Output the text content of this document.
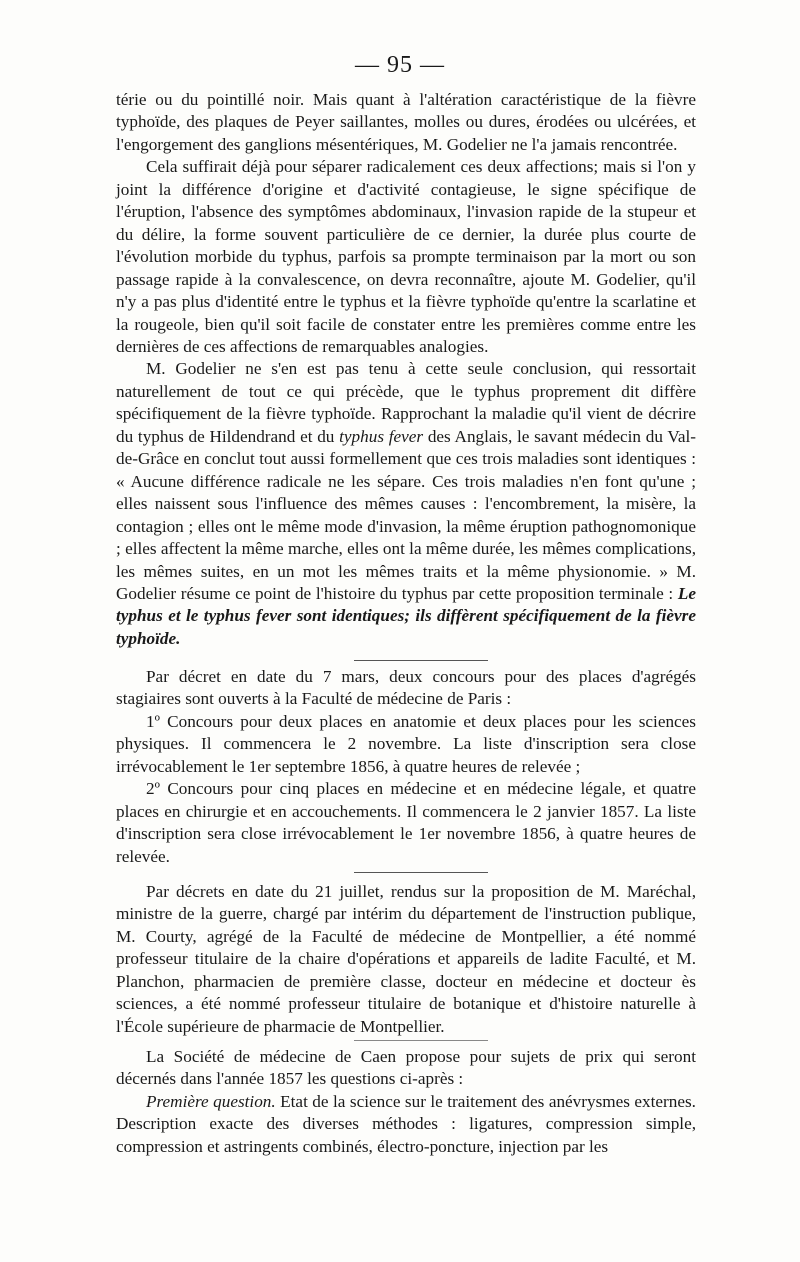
— 95 —

térie ou du pointillé noir. Mais quant à l'altération caractéristique de la fièvre typhoïde, des plaques de Peyer saillantes, molles ou dures, érodées ou ulcérées, et l'engorgement des ganglions mésentériques, M. Godelier ne l'a jamais rencontrée.

Cela suffirait déjà pour séparer radicalement ces deux affections; mais si l'on y joint la différence d'origine et d'activité contagieuse, le signe spécifique de l'éruption, l'absence des symptômes abdominaux, l'invasion rapide de la stupeur et du délire, la forme souvent particulière de ce dernier, la durée plus courte de l'évolution morbide du typhus, parfois sa prompte terminaison par la mort ou son passage rapide à la convalescence, on devra reconnaître, ajoute M. Godelier, qu'il n'y a pas plus d'identité entre le typhus et la fièvre typhoïde qu'entre la scarlatine et la rougeole, bien qu'il soit facile de constater entre les premières comme entre les dernières de ces affections de remarquables analogies.

M. Godelier ne s'en est pas tenu à cette seule conclusion, qui ressortait naturellement de tout ce qui précède, que le typhus proprement dit diffère spécifiquement de la fièvre typhoïde. Rapprochant la maladie qu'il vient de décrire du typhus de Hildendrand et du typhus fever des Anglais, le savant médecin du Val-de-Grâce en conclut tout aussi formellement que ces trois maladies sont identiques : « Aucune différence radicale ne les sépare. Ces trois maladies n'en font qu'une ; elles naissent sous l'influence des mêmes causes : l'encombrement, la misère, la contagion ; elles ont le même mode d'invasion, la même éruption pathognomonique ; elles affectent la même marche, elles ont la même durée, les mêmes complications, les mêmes suites, en un mot les mêmes traits et la même physionomie. » M. Godelier résume ce point de l'histoire du typhus par cette proposition terminale : Le typhus et le typhus fever sont identiques; ils diffèrent spécifiquement de la fièvre typhoïde.

Par décret en date du 7 mars, deux concours pour des places d'agrégés stagiaires sont ouverts à la Faculté de médecine de Paris :

1º Concours pour deux places en anatomie et deux places pour les sciences physiques. Il commencera le 2 novembre. La liste d'inscription sera close irrévocablement le 1er septembre 1856, à quatre heures de relevée ;

2º Concours pour cinq places en médecine et en médecine légale, et quatre places en chirurgie et en accouchements. Il commencera le 2 janvier 1857. La liste d'inscription sera close irrévocablement le 1er novembre 1856, à quatre heures de relevée.

Par décrets en date du 21 juillet, rendus sur la proposition de M. Maréchal, ministre de la guerre, chargé par intérim du département de l'instruction publique, M. Courty, agrégé de la Faculté de médecine de Montpellier, a été nommé professeur titulaire de la chaire d'opérations et appareils de ladite Faculté, et M. Planchon, pharmacien de première classe, docteur en médecine et docteur ès sciences, a été nommé professeur titulaire de botanique et d'histoire naturelle à l'École supérieure de pharmacie de Montpellier.

La Société de médecine de Caen propose pour sujets de prix qui seront décernés dans l'année 1857 les questions ci-après :

Première question. Etat de la science sur le traitement des anévrysmes externes. Description exacte des diverses méthodes : ligatures, compression simple, compression et astringents combinés, électro-poncture, injection par les
